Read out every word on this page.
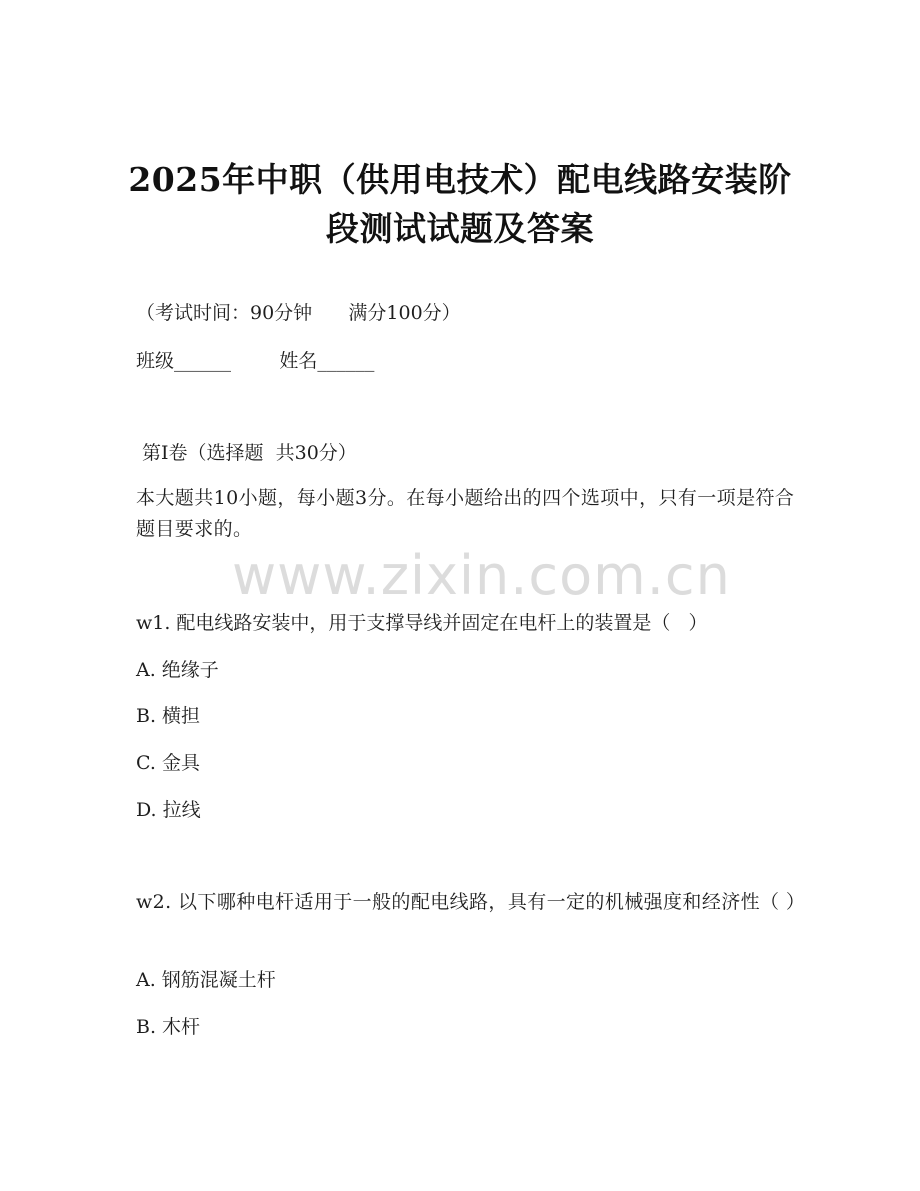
2025年中职（供用电技术）配电线路安装阶
段测试试题及答案
（考试时间：90分钟      满分100分）
班级______        姓名______
第I卷（选择题  共30分）
本大题共10小题，每小题3分。在每小题给出的四个选项中，只有一项是符合题目要求的。
www.zixin.com.cn
w1. 配电线路安装中，用于支撑导线并固定在电杆上的装置是（   ）
A. 绝缘子
B. 横担
C. 金具
D. 拉线
w2. 以下哪种电杆适用于一般的配电线路，具有一定的机械强度和经济性（ ）
A. 钢筋混凝土杆
B. 木杆
